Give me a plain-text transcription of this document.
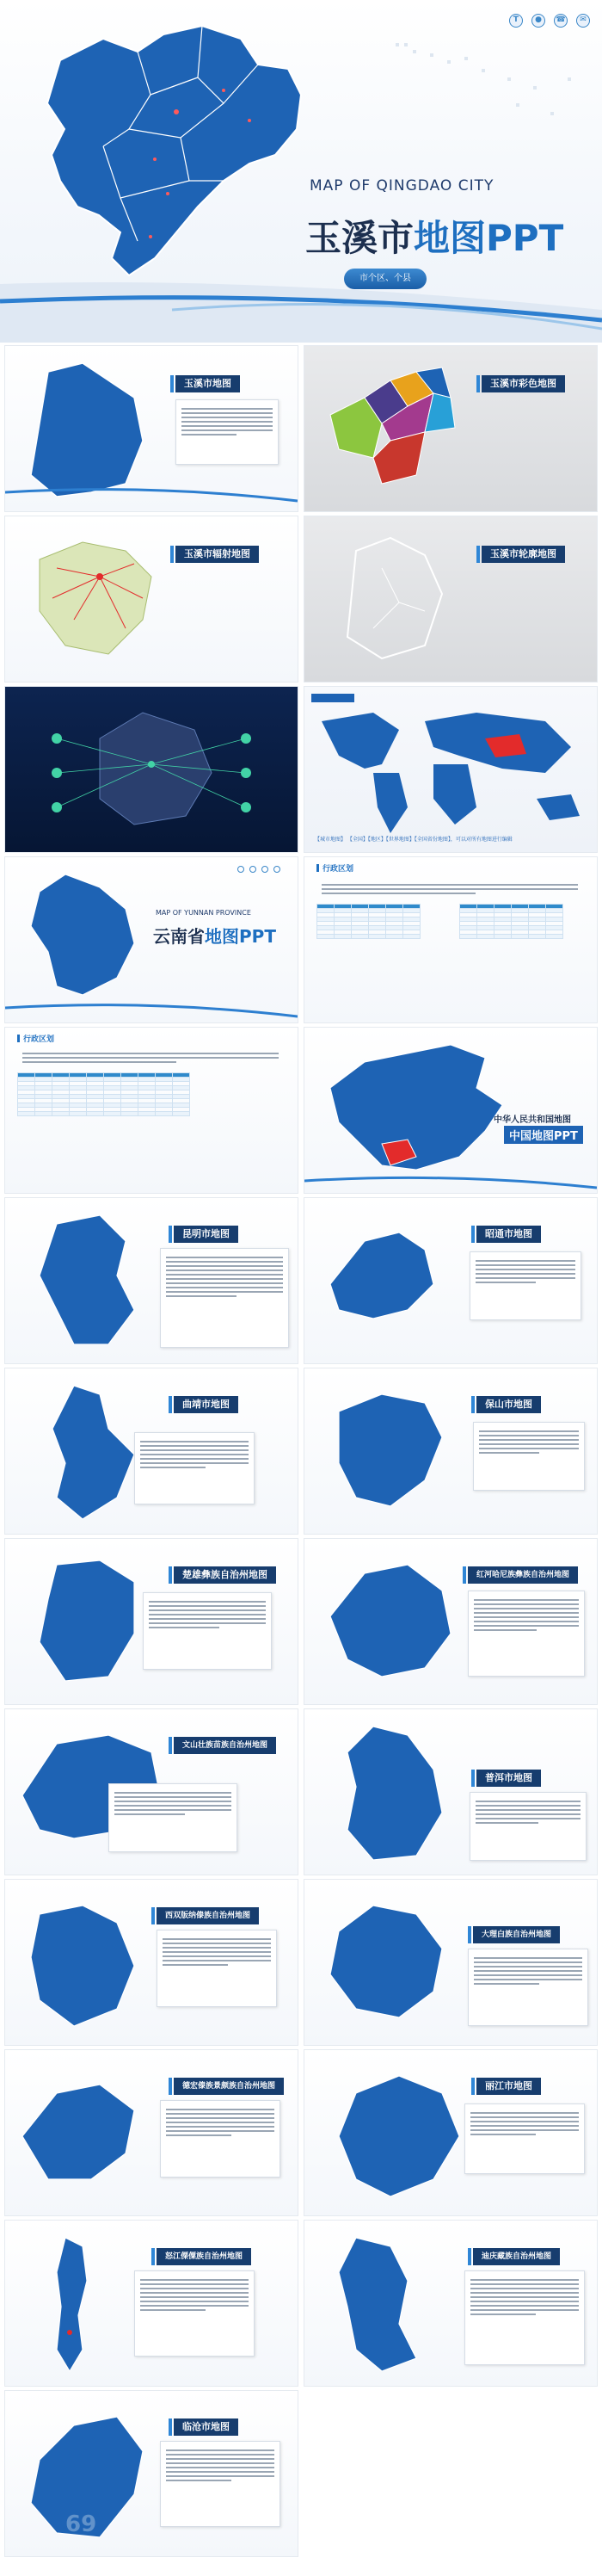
T	●	☎	✉
MAP OF QINGDAO CITY
玉溪市地图PPT
市个区、个县
玉溪市地图	玉溪市彩色地图
玉溪市辐射地图	玉溪市轮廓地图
【城市地图】 【全国】【地区】【世界地图】【全国省份地图】，可以对所有地图进行编辑
MAP OF YUNNAN PROVINCE
云南省地图PPT
行政区划

行政区划

中华人民共和国地图
中国地图PPT
昆明市地图	昭通市地图
曲靖市地图	保山市地图
楚雄彝族自治州地图	红河哈尼族彝族自治州地图
文山壮族苗族自治州地图
普洱市地图
西双版纳傣族自治州地图
大理白族自治州地图
德宏傣族景颇族自治州地图	丽江市地图
怒江傈僳族自治州地图	迪庆藏族自治州地图
69
临沧市地图
